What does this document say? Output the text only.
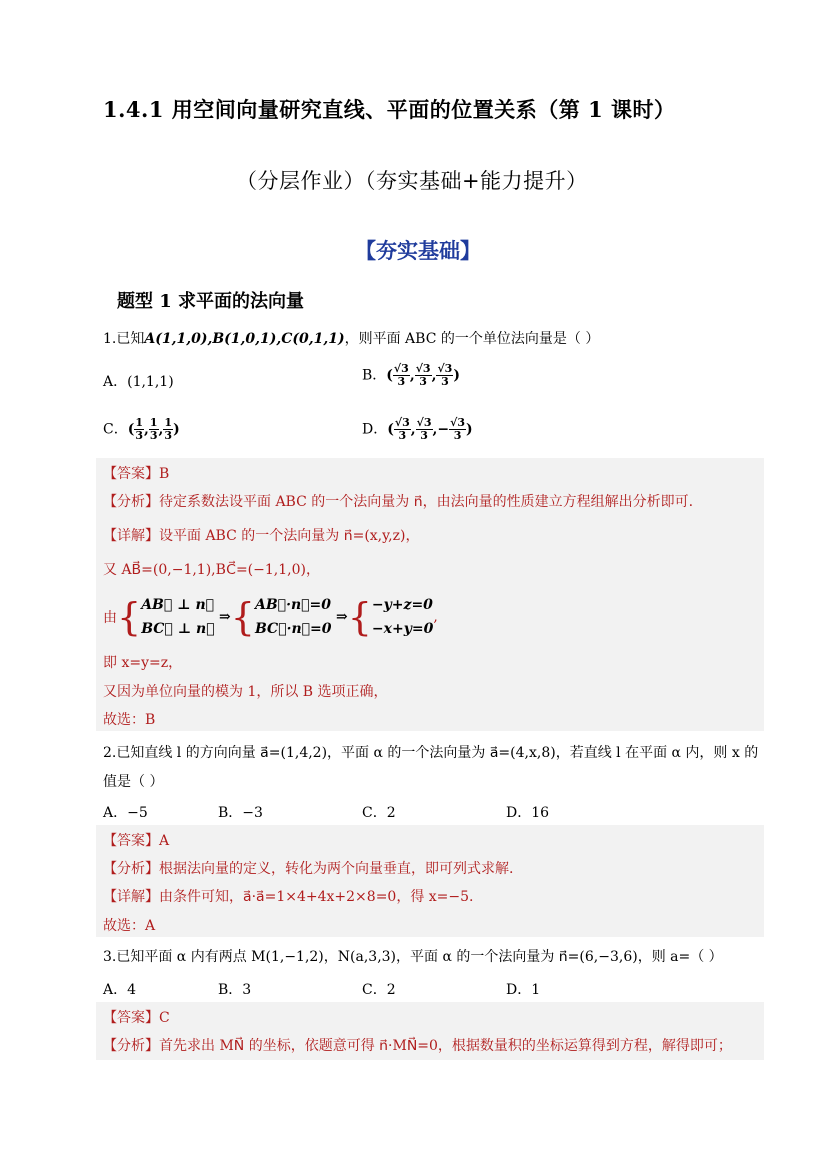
1.4.1 用空间向量研究直线、平面的位置关系（第 1 课时）
（分层作业）（夯实基础+能力提升）
【夯实基础】
题型 1 求平面的法向量
1.已知A(1,1,0),B(1,0,1),C(0,1,1)，则平面 ABC 的一个单位法向量是（ ）
A．(1,1,1)	B．( $\frac{√3}{3}$ , $\frac{√3}{3}$ , $\frac{√3}{3}$ )
C．( $\frac{1}{3}$ , $\frac{1}{3}$ , $\frac{1}{3}$ )	D．( $\frac{√3}{3}$ , $\frac{√3}{3}$ ,− $\frac{√3}{3}$ )
【答案】B
【分析】待定系数法设平面 ABC 的一个法向量为 n⃗，由法向量的性质建立方程组解出分析即可.
【详解】设平面 ABC 的一个法向量为 n⃗=(x,y,z)，
又 AB⃗=(0,−1,1),BC⃗=(−1,1,0)，
由{ AB⃗ ⊥ n⃗
BC⃗ ⊥ n⃗
⇒{ AB⃗·n⃗=0
BC⃗·n⃗=0
⇒{ −y+z=0
−x+y=0
,
即 x=y=z，
又因为单位向量的模为 1，所以 B 选项正确，
故选：B
2.已知直线 l 的方向向量 a⃗=(1,4,2)，平面 α 的一个法向量为 a⃗=(4,x,8)，若直线 l 在平面 α 内，则 x 的
值是（ ）
A．−5	B．−3	C．2	D．16
【答案】A
【分析】根据法向量的定义，转化为两个向量垂直，即可列式求解.
【详解】由条件可知，a⃗·a⃗=1×4+4x+2×8=0，得 x=−5.
故选：A
3.已知平面 α 内有两点 M(1,−1,2)，N(a,3,3)，平面 α 的一个法向量为 n⃗=(6,−3,6)，则 a=（ ）
A．4	B．3	C．2	D．1
【答案】C
【分析】首先求出 MN⃗ 的坐标，依题意可得 n⃗·MN⃗=0，根据数量积的坐标运算得到方程，解得即可；
